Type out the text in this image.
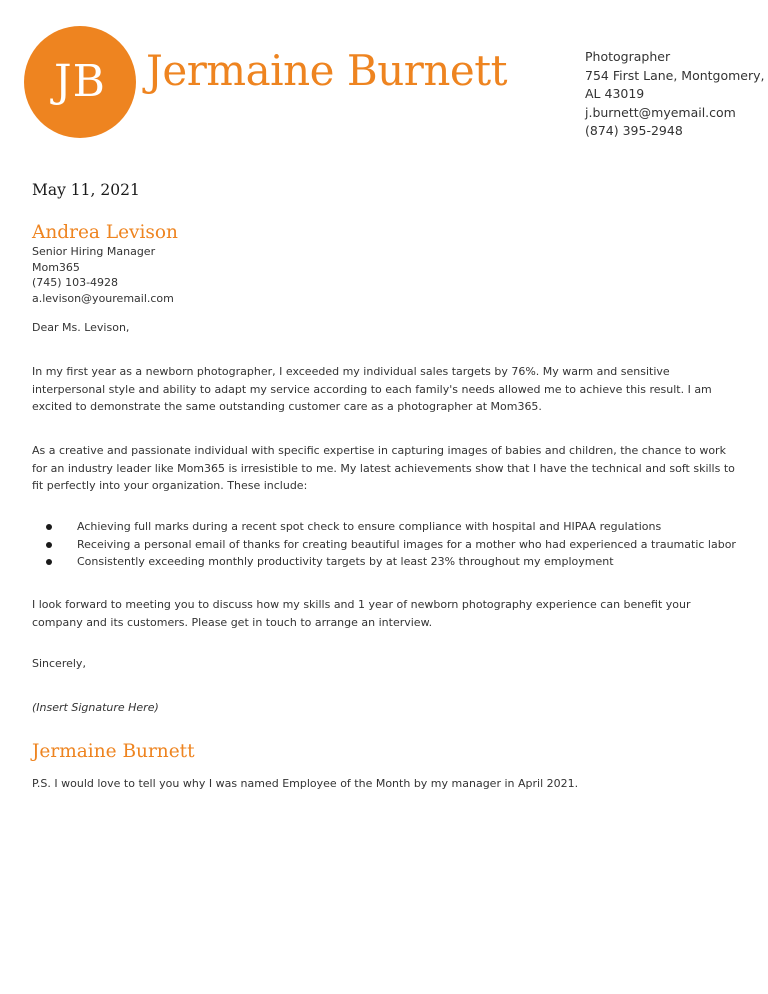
JB Jermaine Burnett	Photographer
754 First Lane, Montgomery,
AL 43019
j.burnett@myemail.com
(874) 395-2948
May 11, 2021
Andrea Levison
Senior Hiring Manager
Mom365
(745) 103-4928
a.levison@youremail.com
Dear Ms. Levison,
In my first year as a newborn photographer, I exceeded my individual sales targets by 76%. My warm and sensitive interpersonal style and ability to adapt my service according to each family's needs allowed me to achieve this result. I am excited to demonstrate the same outstanding customer care as a photographer at Mom365.
As a creative and passionate individual with specific expertise in capturing images of babies and children, the chance to work for an industry leader like Mom365 is irresistible to me. My latest achievements show that I have the technical and soft skills to fit perfectly into your organization. These include:
Achieving full marks during a recent spot check to ensure compliance with hospital and HIPAA regulations
Receiving a personal email of thanks for creating beautiful images for a mother who had experienced a traumatic labor
Consistently exceeding monthly productivity targets by at least 23% throughout my employment
I look forward to meeting you to discuss how my skills and 1 year of newborn photography experience can benefit your company and its customers. Please get in touch to arrange an interview.
Sincerely,
(Insert Signature Here)
Jermaine Burnett
P.S. I would love to tell you why I was named Employee of the Month by my manager in April 2021.
